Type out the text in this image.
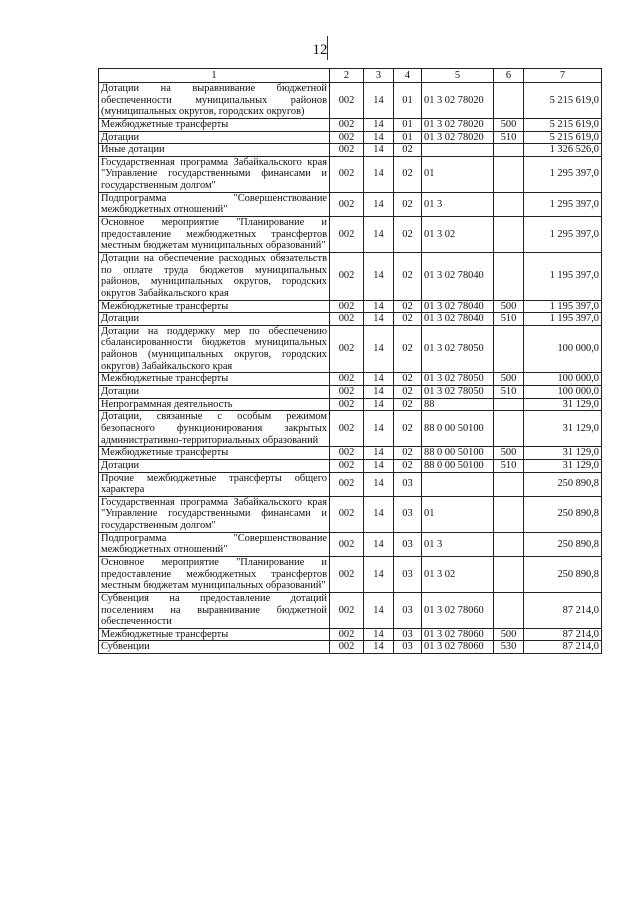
12
1	2	3	4	5	6	7
Дотации на выравнивание бюджетной обеспеченности муниципальных районов (муниципальных округов, городских округов)	002	14	01	01 3 02 78020		5 215 619,0
Межбюджетные трансферты	002	14	01	01 3 02 78020	500	5 215 619,0
Дотации	002	14	01	01 3 02 78020	510	5 215 619,0
Иные дотации	002	14	02			1 326 526,0
Государственная программа Забайкальского края "Управление государственными финансами и государственным долгом"	002	14	02	01		1 295 397,0
Подпрограмма "Совершенствование межбюджетных отношений"	002	14	02	01 3		1 295 397,0
Основное мероприятие "Планирование и предоставление межбюджетных трансфертов местным бюджетам муниципальных образований"	002	14	02	01 3 02		1 295 397,0
Дотации на обеспечение расходных обязательств по оплате труда бюджетов муниципальных районов, муниципальных округов, городских округов Забайкальского края	002	14	02	01 3 02 78040		1 195 397,0
Межбюджетные трансферты	002	14	02	01 3 02 78040	500	1 195 397,0
Дотации	002	14	02	01 3 02 78040	510	1 195 397,0
Дотации на поддержку мер по обеспечению сбалансированности бюджетов муниципальных районов (муниципальных округов, городских округов) Забайкальского края	002	14	02	01 3 02 78050		100 000,0
Межбюджетные трансферты	002	14	02	01 3 02 78050	500	100 000,0
Дотации	002	14	02	01 3 02 78050	510	100 000,0
Непрограммная деятельность	002	14	02	88		31 129,0
Дотации, связанные с особым режимом безопасного функционирования закрытых административно-территориальных образований	002	14	02	88 0 00 50100		31 129,0
Межбюджетные трансферты	002	14	02	88 0 00 50100	500	31 129,0
Дотации	002	14	02	88 0 00 50100	510	31 129,0
Прочие межбюджетные трансферты общего характера	002	14	03			250 890,8
Государственная программа Забайкальского края "Управление государственными финансами и государственным долгом"	002	14	03	01		250 890,8
Подпрограмма "Совершенствование межбюджетных отношений"	002	14	03	01 3		250 890,8
Основное мероприятие "Планирование и предоставление межбюджетных трансфертов местным бюджетам муниципальных образований"	002	14	03	01 3 02		250 890,8
Субвенция на предоставление дотаций поселениям на выравнивание бюджетной обеспеченности	002	14	03	01 3 02 78060		87 214,0
Межбюджетные трансферты	002	14	03	01 3 02 78060	500	87 214,0
Субвенции	002	14	03	01 3 02 78060	530	87 214,0
